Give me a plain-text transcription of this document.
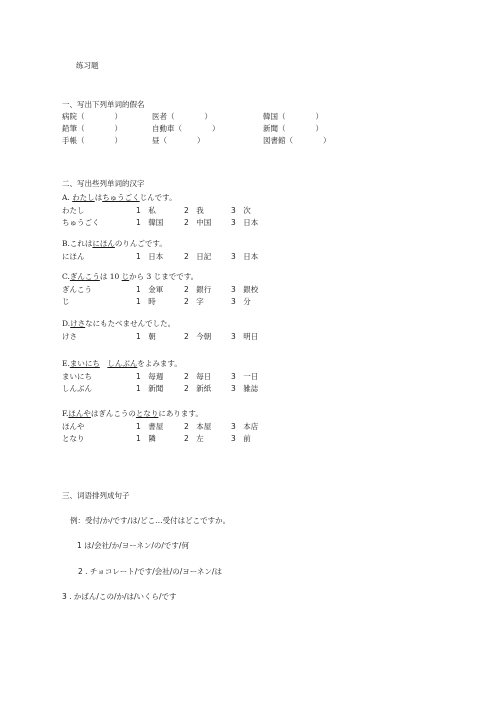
练习题
一、写出下列单词的假名
病院（　　　　）	医者（　　　　）	韓国（　　　　）
鉛筆（　　　　）	自動車（　　　　）	新聞（　　　　）
手帳（　　　　）	昼（　　　　）	図書館（　　　　）
二、写出些列单词的汉字
A. わたしはちゅうごくじんです。
わたし	1　私	2　我	3　次
ちゅうごく	1　韓国	2　中国	3　日本
B.これはにほんのりんごです。
にほん	1　日本	2　日記	3　日本
C.ぎんこうは 10 じから 3 じまでです。
ぎんこう	1　金軍	2　銀行	3　銀校
じ	1　時	2　字	3　分
D.けさなにもたべませんでした。
けさ	1　朝	2　今朝	3　明日
E.まいにち　 しんぶんをよみます。
まいにち	1　毎週	2　毎日	3　一日
しんぶん	1　新聞	2　新紙	3　雑誌
F.ほんやはぎんこうのとなりにあります。
ほんや	1　書屋	2　本屋	3　本店
となり	1　隣	2　左	3　前
三、词语排列成句子
例：受付/か/です/は/どこ…受付はどこですか。
1 は/会社/か/ヨーネン/の/です/何
2 . チョコレート/です/会社/の/ヨーネン/は
3 . かばん/この/か/は/いくら/です
